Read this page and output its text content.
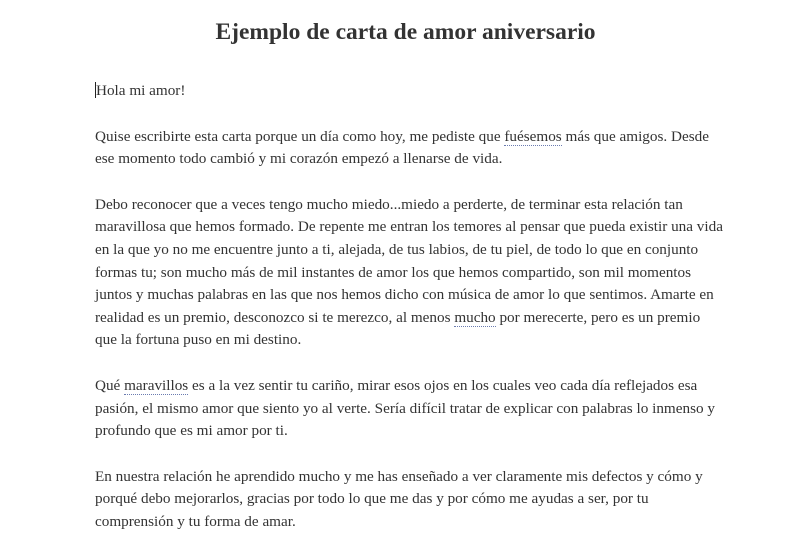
Ejemplo de carta de amor aniversario
Hola mi amor!
Quise escribirte esta carta porque un día como hoy, me pediste que fuésemos más que amigos. Desde
ese momento todo cambió y mi corazón empezó a llenarse de vida.
Debo reconocer que a veces tengo mucho miedo...miedo a perderte, de terminar esta relación tan
maravillosa que hemos formado. De repente me entran los temores al pensar que pueda existir una vida
en la que yo no me encuentre junto a ti, alejada, de tus labios, de tu piel, de todo lo que en conjunto
formas tu; son mucho más de mil instantes de amor los que hemos compartido, son mil momentos
juntos y muchas palabras en las que nos hemos dicho con música de amor lo que sentimos. Amarte en
realidad es un premio, desconozco si te merezco, al menos mucho por merecerte, pero es un premio
que la fortuna puso en mi destino.
Qué maravillos es a la vez sentir tu cariño, mirar esos ojos en los cuales veo cada día reflejados esa
pasión, el mismo amor que siento yo al verte. Sería difícil tratar de explicar con palabras lo inmenso y
profundo que es mi amor por ti.
En nuestra relación he aprendido mucho y me has enseñado a ver claramente mis defectos y cómo y
porqué debo mejorarlos, gracias por todo lo que me das y por cómo me ayudas a ser, por tu
comprensión y tu forma de amar.
